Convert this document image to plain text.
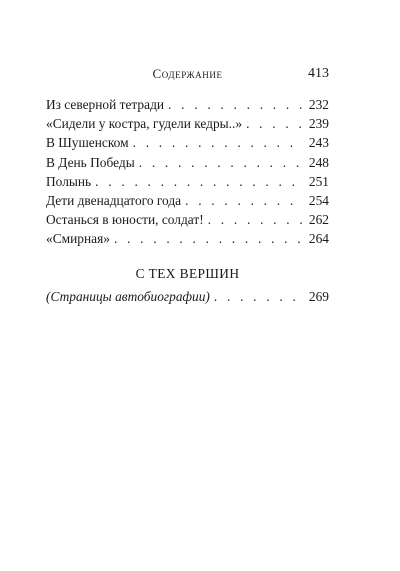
Содержание	413
Из северной тетради . . .	232
«Сидели у костра, гудели кедры..» . . .	239
В Шушенском . . .	243
В День Победы . . .	248
Полынь . . .	251
Дети двенадцатого года . . .	254
Останься в юности, солдат! . . .	262
«Смирная» . . .	264
С ТЕХ ВЕРШИН
(Страницы автобиографии) . . .	269
